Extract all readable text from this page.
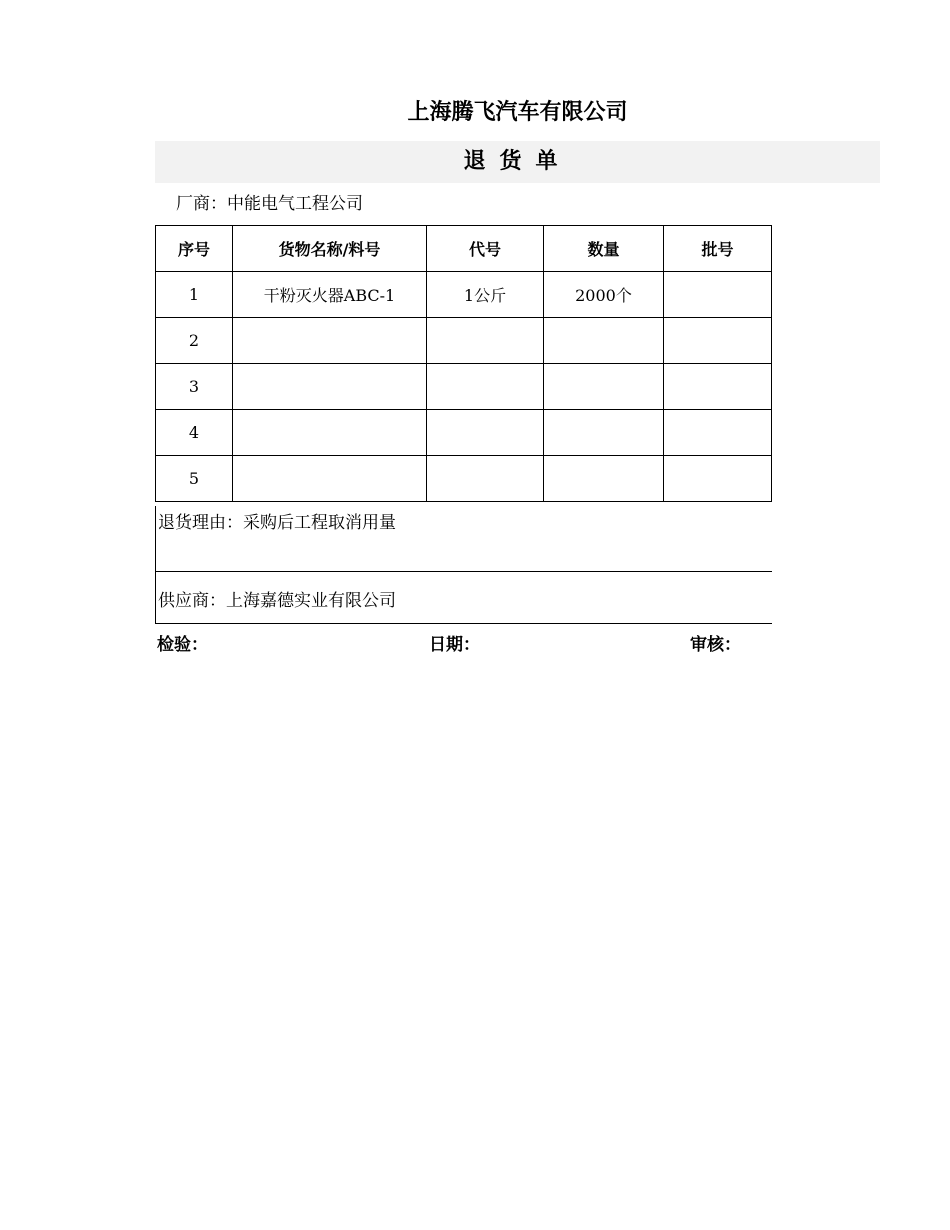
上海腾飞汽车有限公司
退货单
厂商：中能电气工程公司
序号	货物名称/料号	代号	数量	批号
1	干粉灭火器ABC-1	1公斤	2000个	
2				
3				
4				
5				
退货理由：采购后工程取消用量
供应商：上海嘉德实业有限公司
检验：	日期：	审核：
